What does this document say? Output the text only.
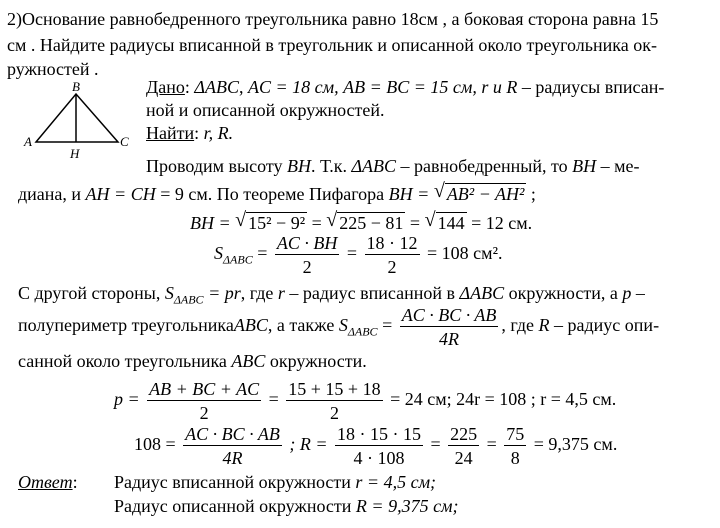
2)Основание равнобедренного треугольника равно 18см , а боковая сторона равна 15
см . Найдите радиусы вписанной в треугольник и описанной около треугольника ок-
ружностей .
B
A	C
H
Дано: ΔABC, AC = 18 см, AB = BC = 15 см, r и R – радиусы вписан-
ной и описанной окружностей.
Найти: r, R.
Проводим высоту BH. Т.к. ΔABC – равнобедренный, то BH – ме-
диана, и AH = CH = 9 см. По теореме Пифагора BH = √ AB² − AH² ;
BH = √ 15² − 9² = √ 225 − 81 = √ 144 = 12 см.
$S_{\Delta ABC} = \frac{AC \cdot BH}{2} = \frac{18 \cdot 12}{2} = 108$ см².
С другой стороны, $S_{\Delta ABC}$ = pr, где r – радиус вписанной в ΔABC окружности, а p –
полупериметр треугольникаABC, а также $S_{\Delta ABC} = \frac{AC \cdot BC \cdot AB}{4R}$ , где R – радиус опи-
санной около треугольника ABC окружности.
$p = \frac{AB + BC + AC}{2} = \frac{15 + 15 + 18}{2} = 24$ см; 24r = 108 ; r = 4,5 см.
$108 = \frac{AC \cdot BC \cdot AB}{4R}$ ; $R = \frac{18 \cdot 15 \cdot 15}{4 \cdot 108} = \frac{225}{24} = \frac{75}{8} = 9,375$ см.
Ответ: Радиус вписанной окружности r = 4,5 см;
Радиус описанной окружности R = 9,375 см;
